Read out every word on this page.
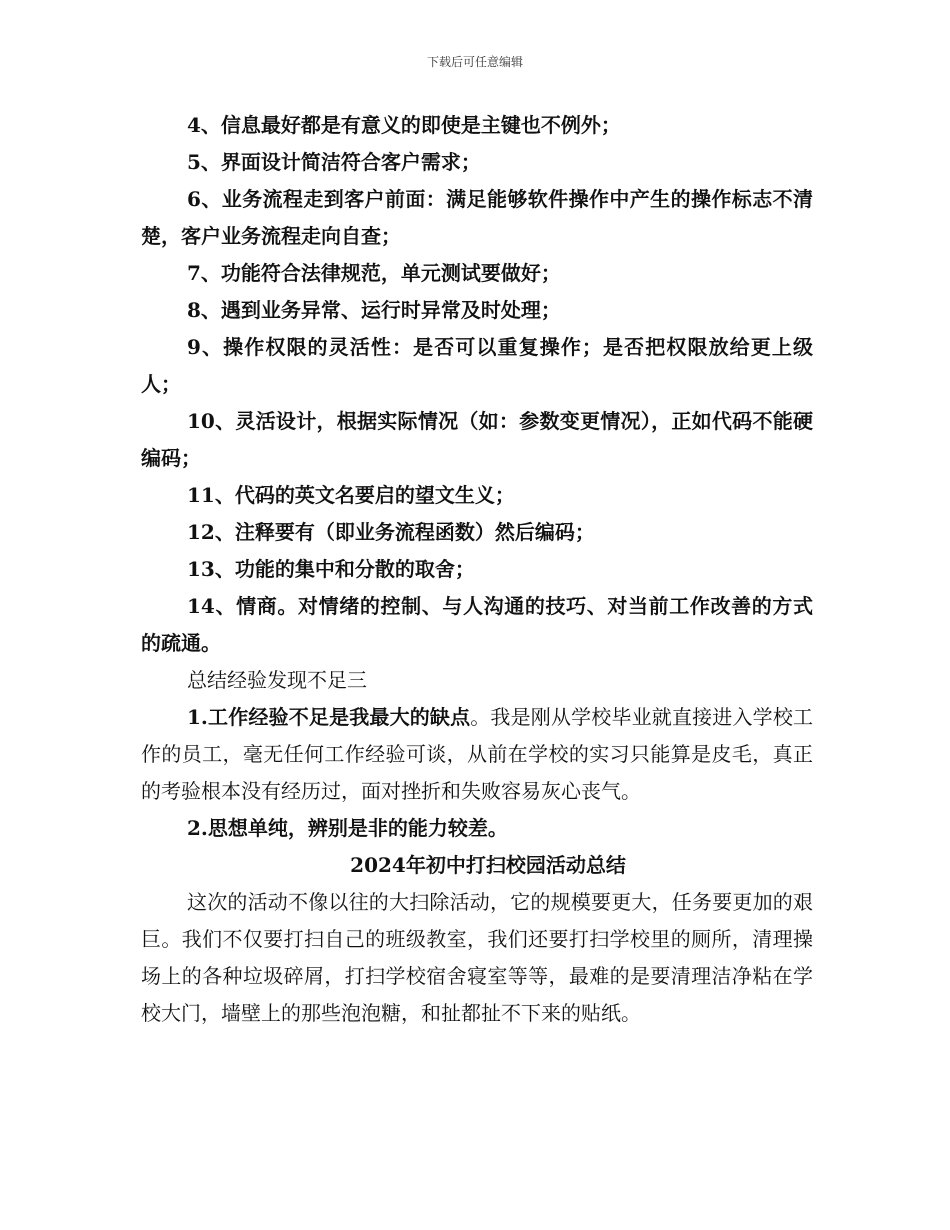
下载后可任意编辑

4、信息最好都是有意义的即使是主键也不例外；

5、界面设计简洁符合客户需求；

6、业务流程走到客户前面：满足能够软件操作中产生的操作标志不清楚，客户业务流程走向自查；

7、功能符合法律规范，单元测试要做好；

8、遇到业务异常、运行时异常及时处理；

9、操作权限的灵活性：是否可以重复操作；是否把权限放给更上级人；

10、灵活设计，根据实际情况（如：参数变更情况），正如代码不能硬编码；

11、代码的英文名要启的望文生义；

12、注释要有（即业务流程函数）然后编码；

13、功能的集中和分散的取舍；

14、情商。对情绪的控制、与人沟通的技巧、对当前工作改善的方式的疏通。

总结经验发现不足三

1.工作经验不足是我最大的缺点。我是刚从学校毕业就直接进入学校工作的员工，毫无任何工作经验可谈，从前在学校的实习只能算是皮毛，真正的考验根本没有经历过，面对挫折和失败容易灰心丧气。

2.思想单纯，辨别是非的能力较差。

2024年初中打扫校园活动总结

这次的活动不像以往的大扫除活动，它的规模要更大，任务要更加的艰巨。我们不仅要打扫自己的班级教室，我们还要打扫学校里的厕所，清理操场上的各种垃圾碎屑，打扫学校宿舍寝室等等，最难的是要清理洁净粘在学校大门，墙壁上的那些泡泡糖，和扯都扯不下来的贴纸。
